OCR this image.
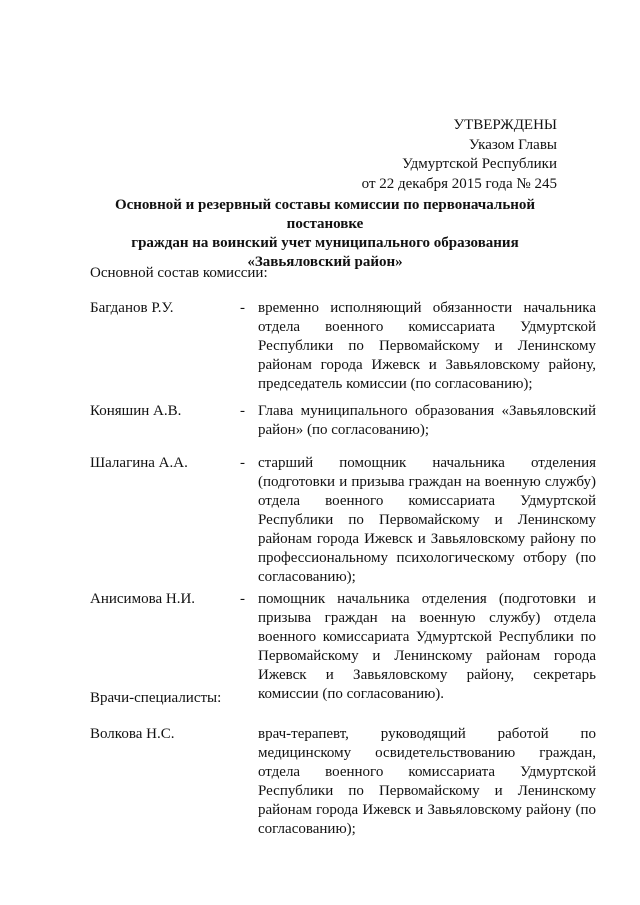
УТВЕРЖДЕНЫ
Указом Главы
Удмуртской Республики
от 22 декабря 2015 года № 245
Основной и резервный составы комиссии по первоначальной постановке
граждан на воинский учет муниципального образования
«Завьяловский район»
Основной состав комиссии:
Багданов Р.У.	- временно исполняющий обязанности начальника отдела военного комиссариата Удмуртской Республики по Первомайскому и Ленинскому районам города Ижевск и Завьяловскому району, председатель комиссии (по согласованию);
Коняшин А.В.	- Глава муниципального образования «Завьяловский район» (по согласованию);
Шалагина А.А.	- старший помощник начальника отделения (подготовки и призыва граждан на военную службу) отдела военного комиссариата Удмуртской Республики по Первомайскому и Ленинскому районам города Ижевск и Завьяловскому району по профессиональному психологическому отбору (по согласованию);
Анисимова Н.И.	- помощник начальника отделения (подготовки и призыва граждан на военную службу) отдела военного комиссариата Удмуртской Республики по Первомайскому и Ленинскому районам города Ижевск и Завьяловскому району, секретарь комиссии (по согласованию).
Врачи-специалисты:
Волкова Н.С.	врач-терапевт, руководящий работой по медицинскому освидетельствованию граждан, отдела военного комиссариата Удмуртской Республики по Первомайскому и Ленинскому районам города Ижевск и Завьяловскому району (по согласованию);
